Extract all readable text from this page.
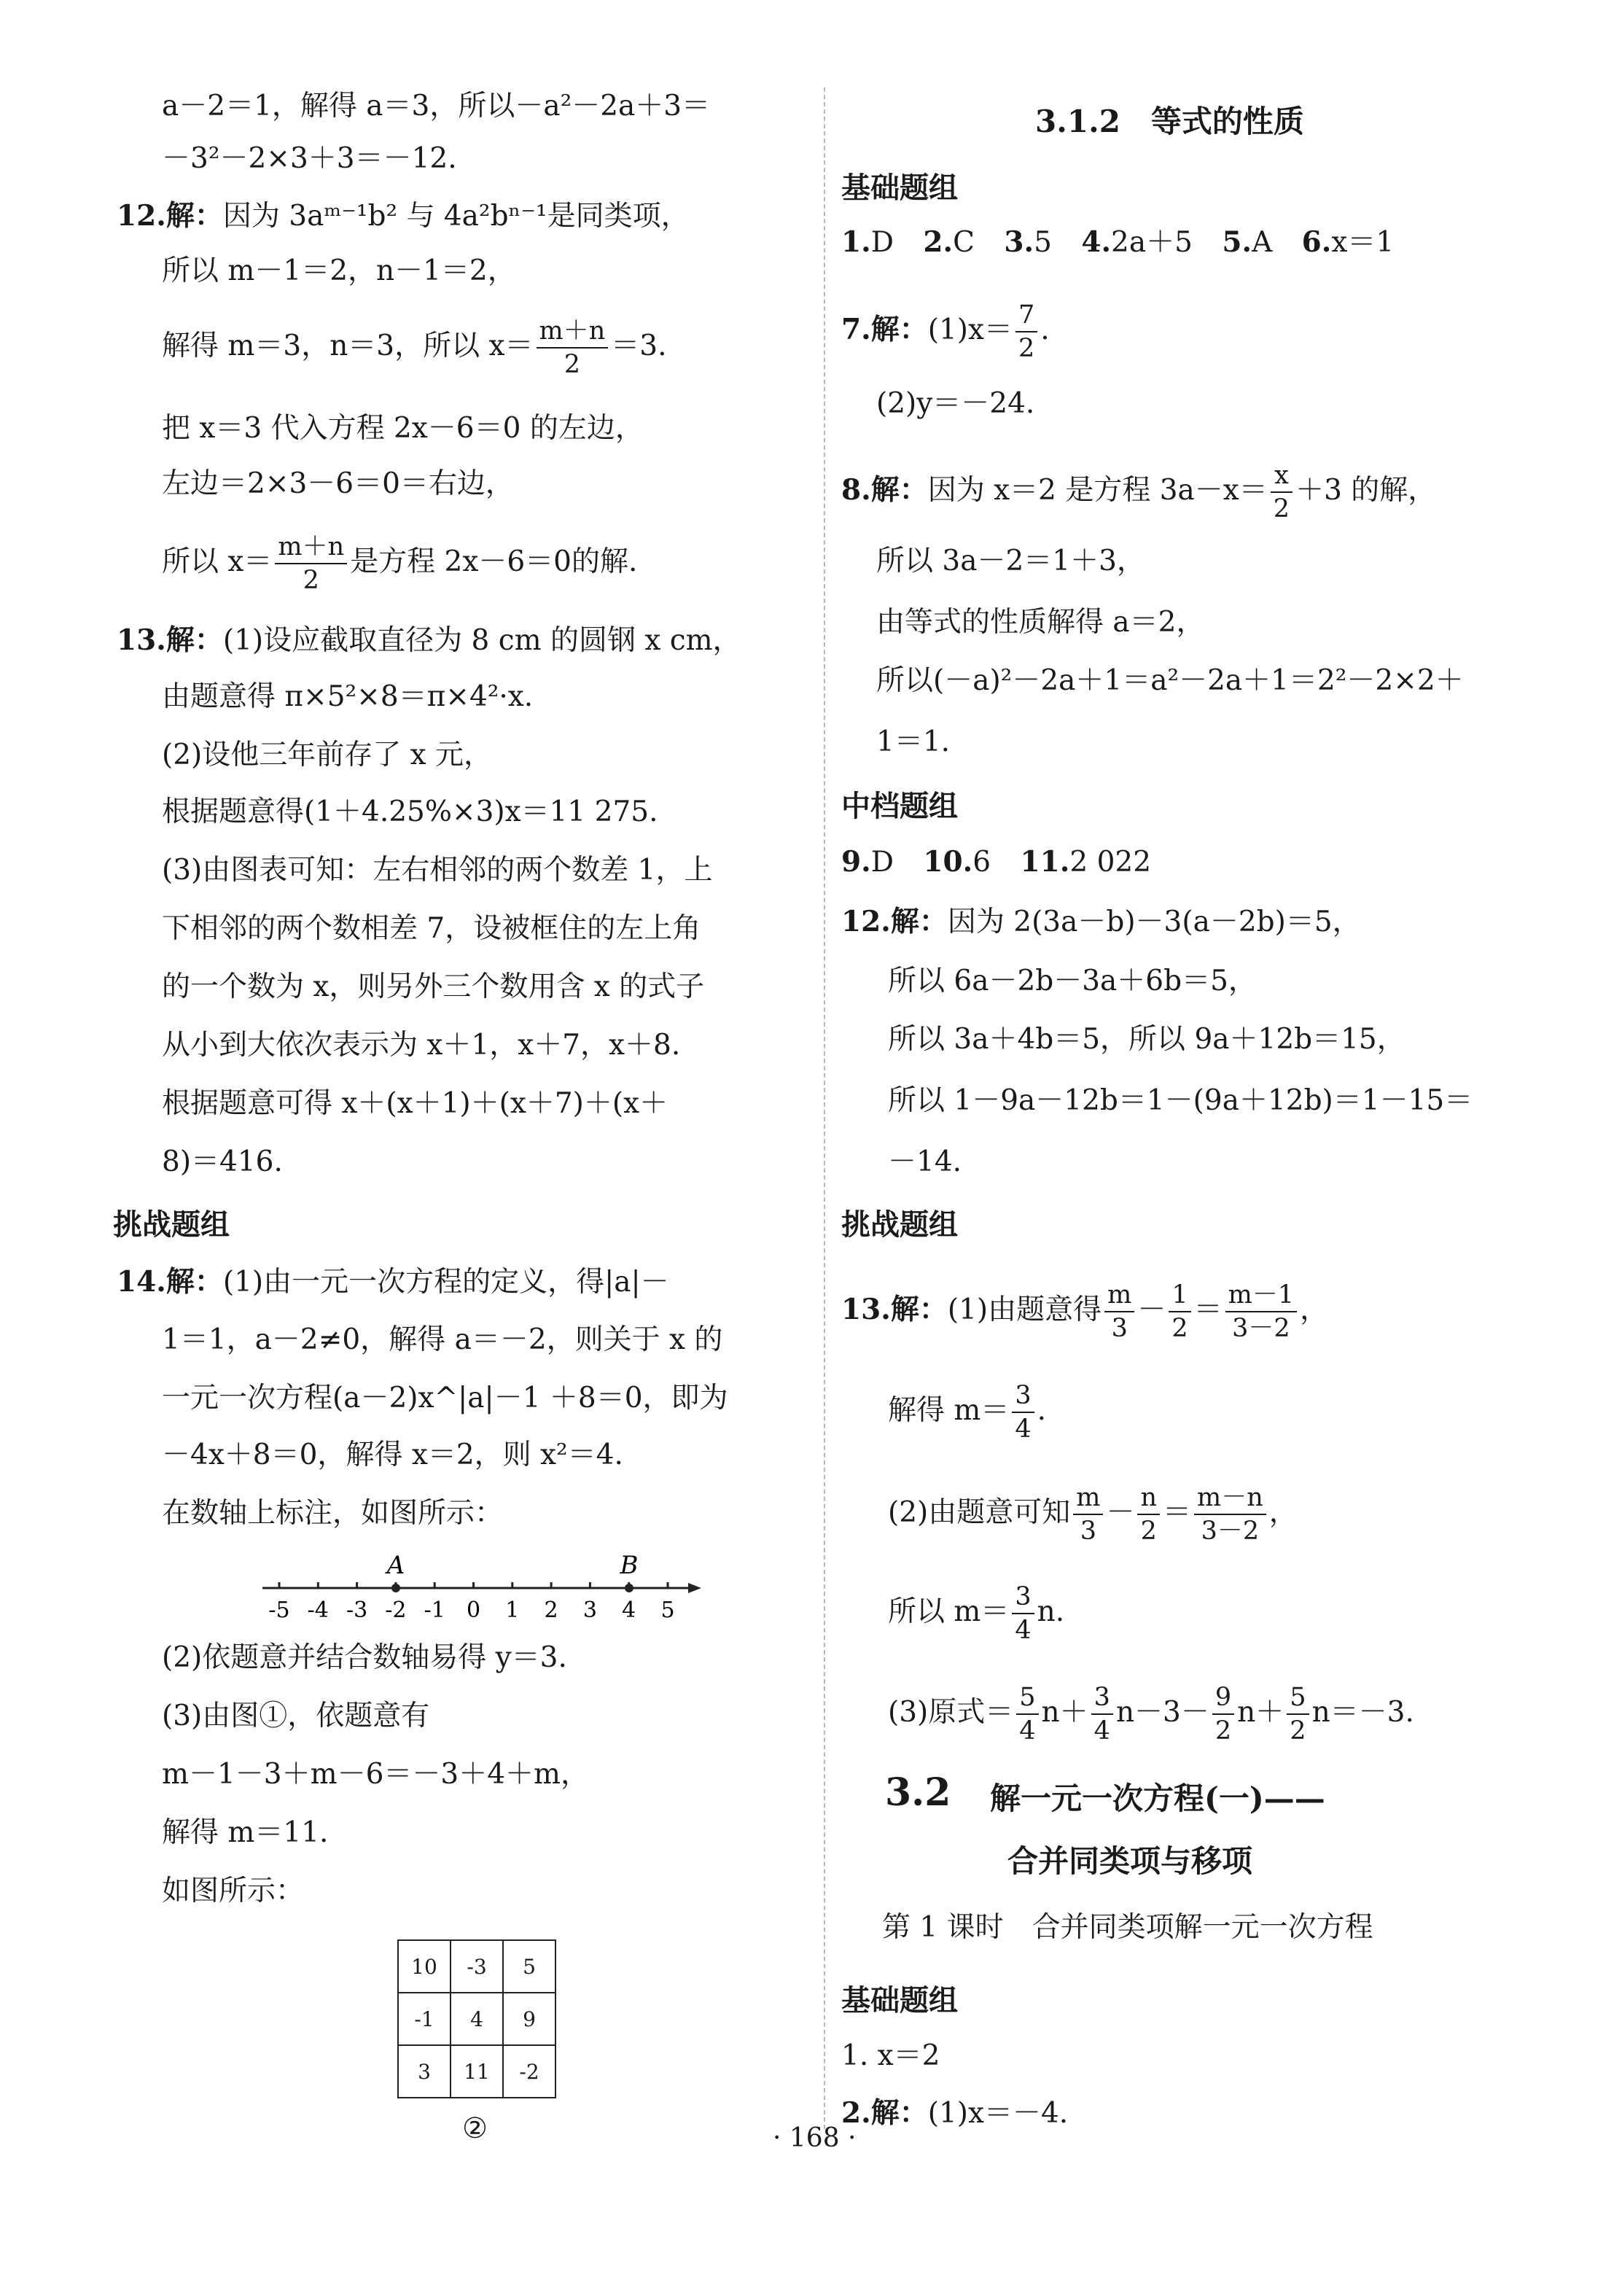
a－2＝1，解得 a＝3，所以－a²－2a＋3＝
－3²－2×3＋3＝－12.
12.解：因为 3aᵐ⁻¹b² 与 4a²bⁿ⁻¹是同类项，
所以 m－1＝2，n－1＝2，
解得 m＝3，n＝3，所以 $x= \frac{m+n}{2} =3$.
把 x＝3 代入方程 2x－6＝0 的左边，
左边＝2×3－6＝0＝右边，
所以 $x= \frac{m+n}{2}$ 是方程 2x－6＝0的解.
13.解：(1)设应截取直径为 8 cm 的圆钢 x cm，
由题意得 π×5²×8＝π×4²·x.
(2)设他三年前存了 x 元，
根据题意得(1＋4.25%×3)x＝11 275.
(3)由图表可知：左右相邻的两个数差 1，上
下相邻的两个数相差 7，设被框住的左上角
的一个数为 x，则另外三个数用含 x 的式子
从小到大依次表示为 x＋1，x＋7，x＋8.
根据题意可得 x＋(x＋1)＋(x＋7)＋(x＋
8)＝416.
挑战题组
14.解：(1)由一元一次方程的定义，得|a|－
1＝1，a－2≠0，解得 a＝－2，则关于 x 的
一元一次方程(a－2)x^|a|－1 ＋8＝0，即为
－4x＋8＝0，解得 x＝2，则 x²＝4.
在数轴上标注，如图所示：
-5 -4 -3 -2 -1 0 1 2 3 4 5
A	B
(2)依题意并结合数轴易得 y＝3.
(3)由图①，依题意有
m－1－3＋m－6＝－3＋4＋m，
解得 m＝11.
如图所示：
10	-3	5
-1	4	9
3	11	-2
②
3.1.2　等式的性质
基础题组
1.D 2.C 3.5 4.2a＋5 5.A 6.x＝1
7.解：$(1)x= \frac{7}{2}$ .
(2)y＝－24.
8.解：因为 x＝2 是方程 $3a-x= \frac{x}{2} +3$ 的解，
所以 3a－2＝1＋3，
由等式的性质解得 a＝2，
所以(－a)²－2a＋1＝a²－2a＋1＝2²－2×2＋
1＝1.
中档题组
9.D 10.6 11.2 022
12.解：因为 2(3a－b)－3(a－2b)＝5，
所以 6a－2b－3a＋6b＝5，
所以 3a＋4b＝5，所以 9a＋12b＝15，
所以 1－9a－12b＝1－(9a＋12b)＝1－15＝
－14.
挑战题组
13.解：(1)由题意得 $\frac{m}{3} - \frac{1}{2} = \frac{m-1}{3-2}$ ，
解得 $m= \frac{3}{4}$ .
(2)由题意可知 $\frac{m}{3} - \frac{n}{2} = \frac{m-n}{3-2}$ ，
所以 $m= \frac{3}{4} n$.
(3)原式＝ $\frac{5}{4} n+ \frac{3}{4} n-3- \frac{9}{2} n+ \frac{5}{2} n=-3$.
3.2 解一元一次方程(一)——
合并同类项与移项
第 1 课时　合并同类项解一元一次方程
基础题组
1. x＝2
2.解：(1)x＝－4.
· 168 ·
